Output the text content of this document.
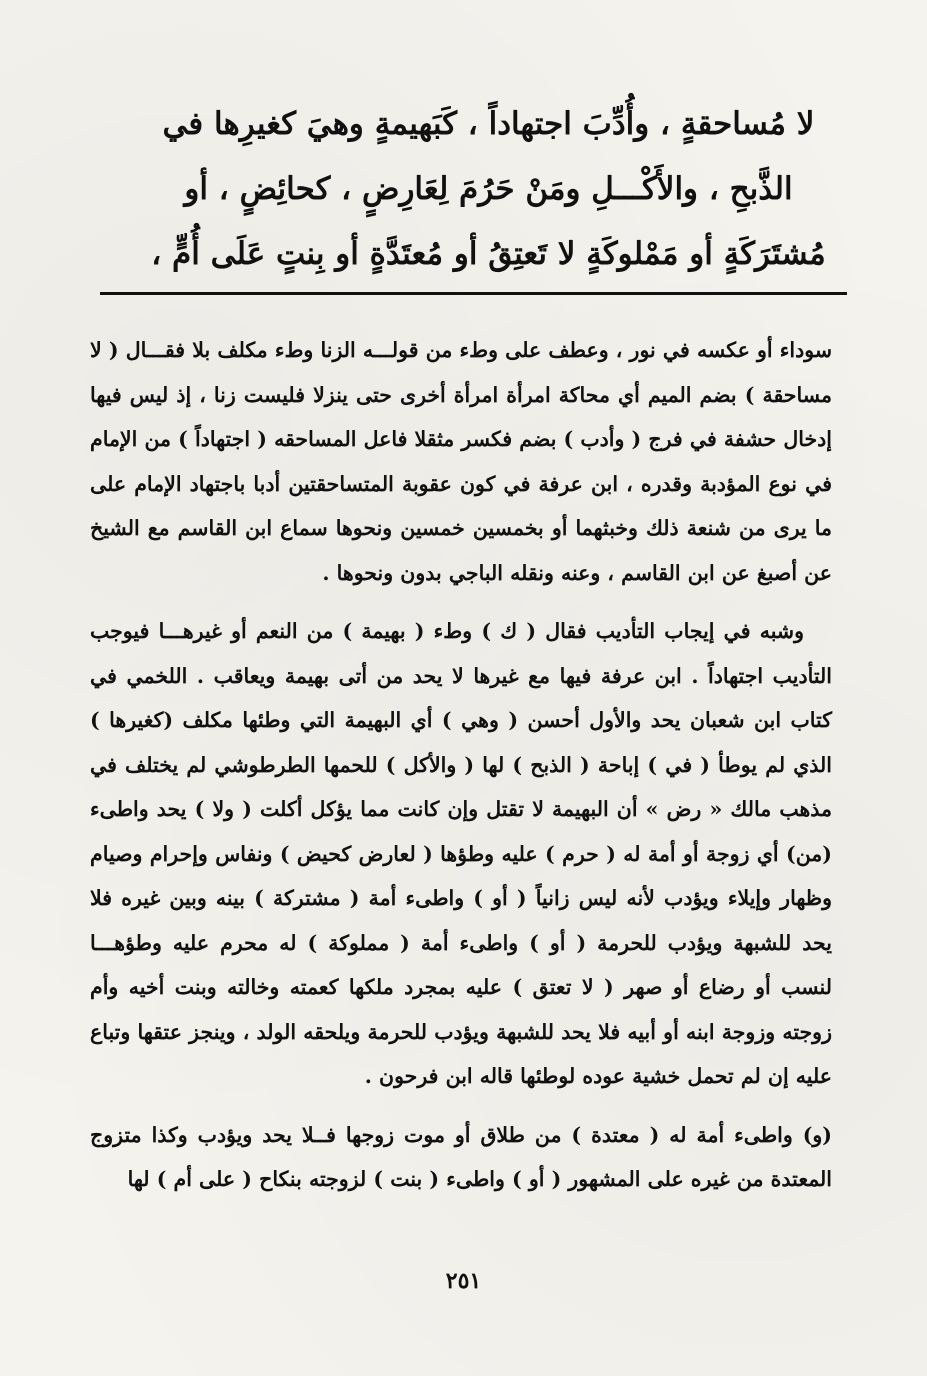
لا مُساحقةٍ ، وأُدِّبَ اجتهاداً ، كَبَهيمةٍ وهيَ كغيرِها في الذَّبحِ ، والأَكْـــلِ ومَنْ حَرُمَ لِعَارِضٍ ، كحائِضٍ ، أو مُشتَرَكَةٍ أو مَمْلوكَةٍ لا تَعتِقُ أو مُعتَدَّةٍ أو بِنتٍ عَلَى أُمٍّ ،

سوداء أو عكسه في نور ، وعطف على وطء من قولـــه الزنا وطء مكلف بلا فقـــال ( لا مساحقة ) بضم الميم أي محاكة امرأة امرأة أخرى حتى ينزلا فليست زنا ، إذ ليس فيها إدخال حشفة في فرج ( وأدب ) بضم فكسر مثقلا فاعل المساحقه ( اجتهاداً ) من الإمام في نوع المؤدبة وقدره ، ابن عرفة في كون عقوبة المتساحقتين أدبا باجتهاد الإمام على ما يرى من شنعة ذلك وخبثهما أو بخمسين خمسين ونحوها سماع ابن القاسم مع الشيخ عن أصبغ عن ابن القاسم ، وعنه ونقله الباجي بدون ونحوها .

وشبه في إيجاب التأديب فقال ( ك ) وطء ( بهيمة ) من النعم أو غيرهـــا فيوجب التأديب اجتهاداً . ابن عرفة فيها مع غيرها لا يحد من أتى بهيمة ويعاقب . اللخمي في كتاب ابن شعبان يحد والأول أحسن ( وهي ) أي البهيمة التي وطئها مكلف (كغيرها ) الذي لم يوطأ ( في ) إباحة ( الذبح ) لها ( والأكل ) للحمها الطرطوشي لم يختلف في مذهب مالك « رض » أن البهيمة لا تقتل وإن كانت مما يؤكل أكلت ( ولا ) يحد واطىء (من) أي زوجة أو أمة له ( حرم ) عليه وطؤها ( لعارض كحيض ) ونفاس وإحرام وصيام وظهار وإيلاء ويؤدب لأنه ليس زانياً ( أو ) واطىء أمة ( مشتركة ) بينه وبين غيره فلا يحد للشبهة ويؤدب للحرمة ( أو ) واطىء أمة ( مملوكة ) له محرم عليه وطؤهـــا لنسب أو رضاع أو صهر ( لا تعتق ) عليه بمجرد ملكها كعمته وخالته وبنت أخيه وأم زوجته وزوجة ابنه أو أبيه فلا يحد للشبهة ويؤدب للحرمة ويلحقه الولد ، وينجز عتقها وتباع عليه إن لم تحمل خشية عوده لوطئها قاله ابن فرحون .

(و) واطىء أمة له ( معتدة ) من طلاق أو موت زوجها فــلا يحد ويؤدب وكذا متزوج المعتدة من غيره على المشهور ( أو ) واطىء ( بنت ) لزوجته بنكاح ( على أم ) لها

٢٥١
